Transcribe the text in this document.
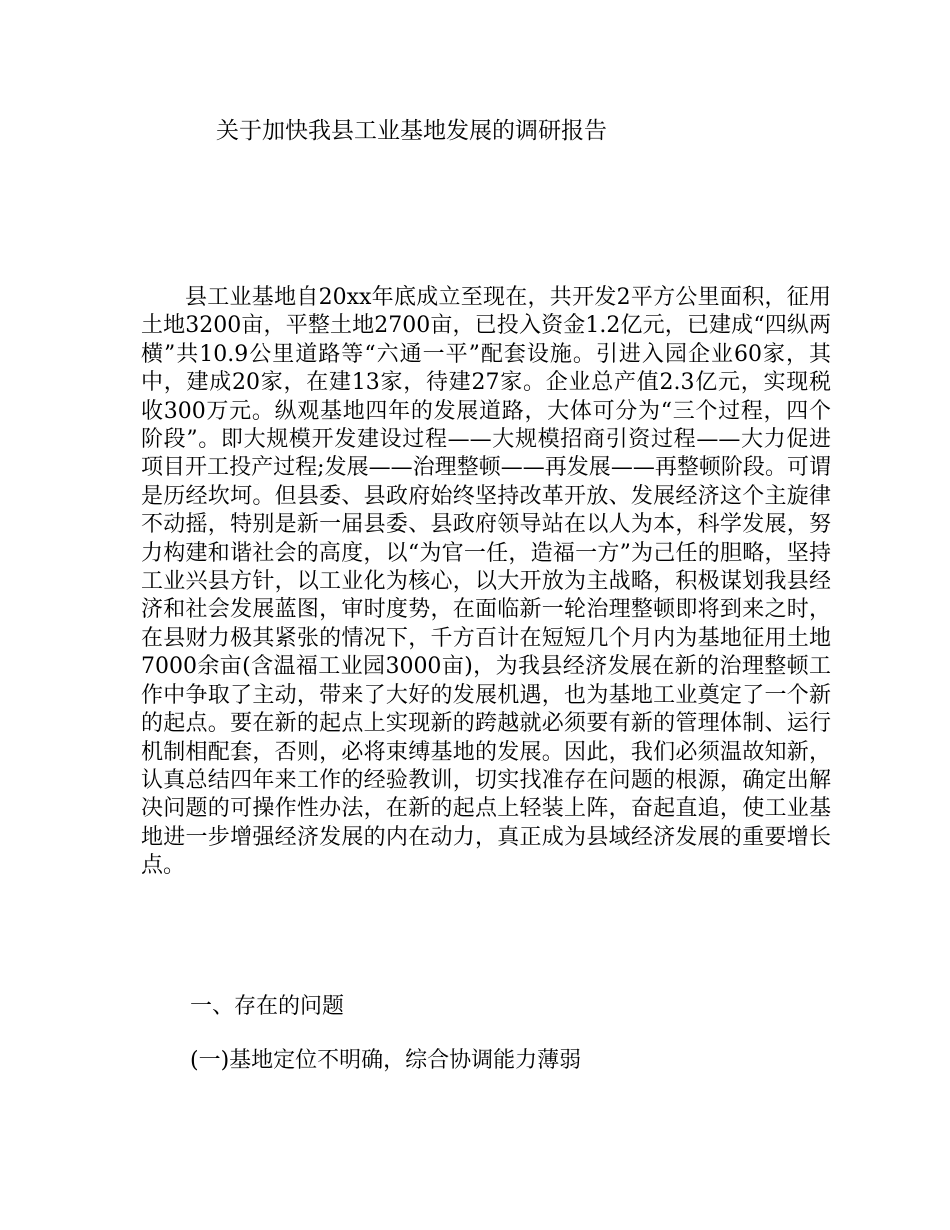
关于加快我县工业基地发展的调研报告

县工业基地自20xx年底成立至现在，共开发2平方公里面积，征用土地3200亩，平整土地2700亩，已投入资金1.2亿元，已建成“四纵两横”共10.9公里道路等“六通一平”配套设施。引进入园企业60家，其中，建成20家，在建13家，待建27家。企业总产值2.3亿元，实现税收300万元。纵观基地四年的发展道路，大体可分为“三个过程，四个阶段”。即大规模开发建设过程——大规模招商引资过程——大力促进项目开工投产过程;发展——治理整顿——再发展——再整顿阶段。可谓是历经坎坷。但县委、县政府始终坚持改革开放、发展经济这个主旋律不动摇，特别是新一届县委、县政府领导站在以人为本，科学发展，努力构建和谐社会的高度，以“为官一任，造福一方”为己任的胆略，坚持工业兴县方针，以工业化为核心，以大开放为主战略，积极谋划我县经济和社会发展蓝图，审时度势，在面临新一轮治理整顿即将到来之时，在县财力极其紧张的情况下，千方百计在短短几个月内为基地征用土地7000余亩(含温福工业园3000亩)，为我县经济发展在新的治理整顿工作中争取了主动，带来了大好的发展机遇，也为基地工业奠定了一个新的起点。要在新的起点上实现新的跨越就必须要有新的管理体制、运行机制相配套，否则，必将束缚基地的发展。因此，我们必须温故知新，认真总结四年来工作的经验教训，切实找准存在问题的根源，确定出解决问题的可操作性办法，在新的起点上轻装上阵，奋起直追，使工业基地进一步增强经济发展的内在动力，真正成为县域经济发展的重要增长点。

一、存在的问题
(一)基地定位不明确，综合协调能力薄弱
